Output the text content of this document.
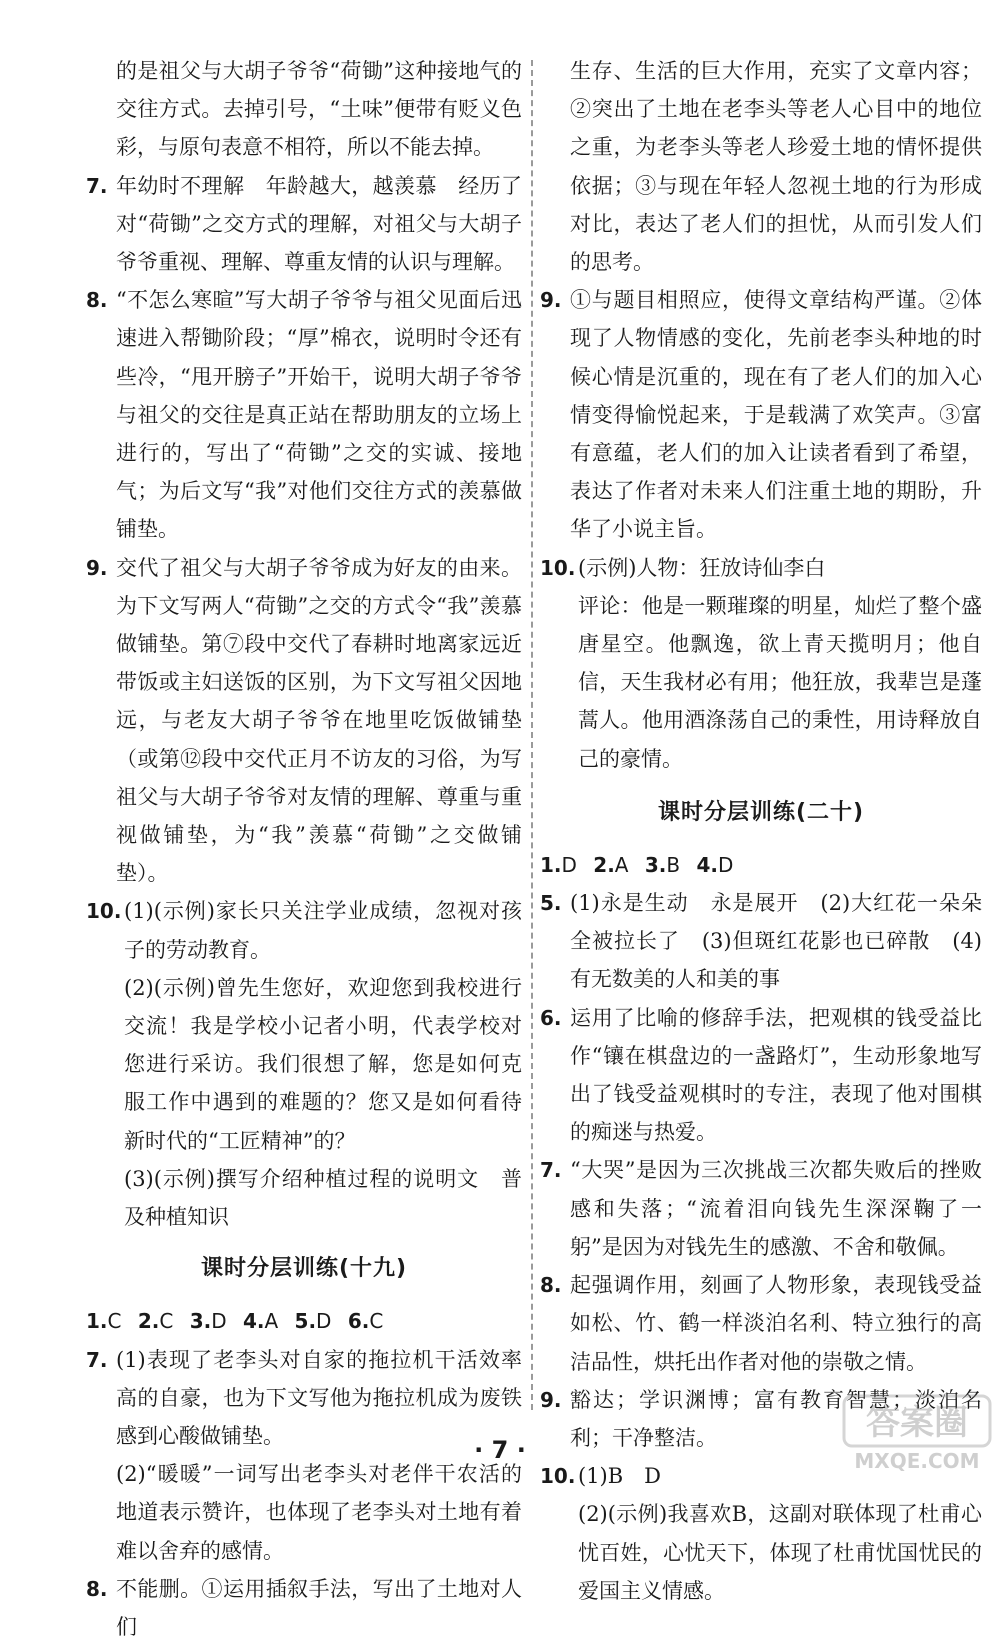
的是祖父与大胡子爷爷“荷锄”这种接地气的交往方式。去掉引号，“土味”便带有贬义色彩，与原句表意不相符，所以不能去掉。
7. 年幼时不理解　年龄越大，越羡慕　经历了对“荷锄”之交方式的理解，对祖父与大胡子爷爷重视、理解、尊重友情的认识与理解。
8. “不怎么寒暄”写大胡子爷爷与祖父见面后迅速进入帮锄阶段；“厚”棉衣，说明时令还有些冷，“甩开膀子”开始干，说明大胡子爷爷与祖父的交往是真正站在帮助朋友的立场上进行的，写出了“荷锄”之交的实诚、接地气；为后文写“我”对他们交往方式的羡慕做铺垫。
9. 交代了祖父与大胡子爷爷成为好友的由来。为下文写两人“荷锄”之交的方式令“我”羡慕做铺垫。第⑦段中交代了春耕时地离家远近带饭或主妇送饭的区别，为下文写祖父因地远，与老友大胡子爷爷在地里吃饭做铺垫（或第⑫段中交代正月不访友的习俗，为写祖父与大胡子爷爷对友情的理解、尊重与重视做铺垫，为“我”羡慕“荷锄”之交做铺垫）。
10. (1)(示例)家长只关注学业成绩，忽视对孩子的劳动教育。
(2)(示例)曾先生您好，欢迎您到我校进行交流！我是学校小记者小明，代表学校对您进行采访。我们很想了解，您是如何克服工作中遇到的难题的？您又是如何看待新时代的“工匠精神”的？
(3)(示例)撰写介绍种植过程的说明文　普及种植知识
课时分层训练(十九)
1.C 2.C 3.D 4.A 5.D 6.C
7. (1)表现了老李头对自家的拖拉机干活效率高的自豪，也为下文写他为拖拉机成为废铁感到心酸做铺垫。
(2)“暖暖”一词写出老李头对老伴干农活的地道表示赞许，也体现了老李头对土地有着难以舍弃的感情。
8. 不能删。①运用插叙手法，写出了土地对人们
生存、生活的巨大作用，充实了文章内容；②突出了土地在老李头等老人心目中的地位之重，为老李头等老人珍爱土地的情怀提供依据；③与现在年轻人忽视土地的行为形成对比，表达了老人们的担忧，从而引发人们的思考。
9. ①与题目相照应，使得文章结构严谨。②体现了人物情感的变化，先前老李头种地的时候心情是沉重的，现在有了老人们的加入心情变得愉悦起来，于是载满了欢笑声。③富有意蕴，老人们的加入让读者看到了希望，表达了作者对未来人们注重土地的期盼，升华了小说主旨。
10. (示例)人物：狂放诗仙李白
评论：他是一颗璀璨的明星，灿烂了整个盛唐星空。他飘逸，欲上青天揽明月；他自信，天生我材必有用；他狂放，我辈岂是蓬蒿人。他用酒涤荡自己的秉性，用诗释放自己的豪情。
课时分层训练(二十)
1.D 2.A 3.B 4.D
5. (1)永是生动　永是展开　(2)大红花一朵朵全被拉长了　(3)但斑红花影也已碎散　(4)有无数美的人和美的事
6. 运用了比喻的修辞手法，把观棋的钱受益比作“镶在棋盘边的一盏路灯”，生动形象地写出了钱受益观棋时的专注，表现了他对围棋的痴迷与热爱。
7. “大哭”是因为三次挑战三次都失败后的挫败感和失落；“流着泪向钱先生深深鞠了一躬”是因为对钱先生的感激、不舍和敬佩。
8. 起强调作用，刻画了人物形象，表现钱受益如松、竹、鹤一样淡泊名利、特立独行的高洁品性，烘托出作者对他的崇敬之情。
9. 豁达；学识渊博；富有教育智慧；淡泊名利；干净整洁。
10. (1)B　D
(2)(示例)我喜欢B，这副对联体现了杜甫心忧百姓，心忧天下，体现了杜甫忧国忧民的爱国主义情感。
· 7 ·
答案圈
MXQE.COM
